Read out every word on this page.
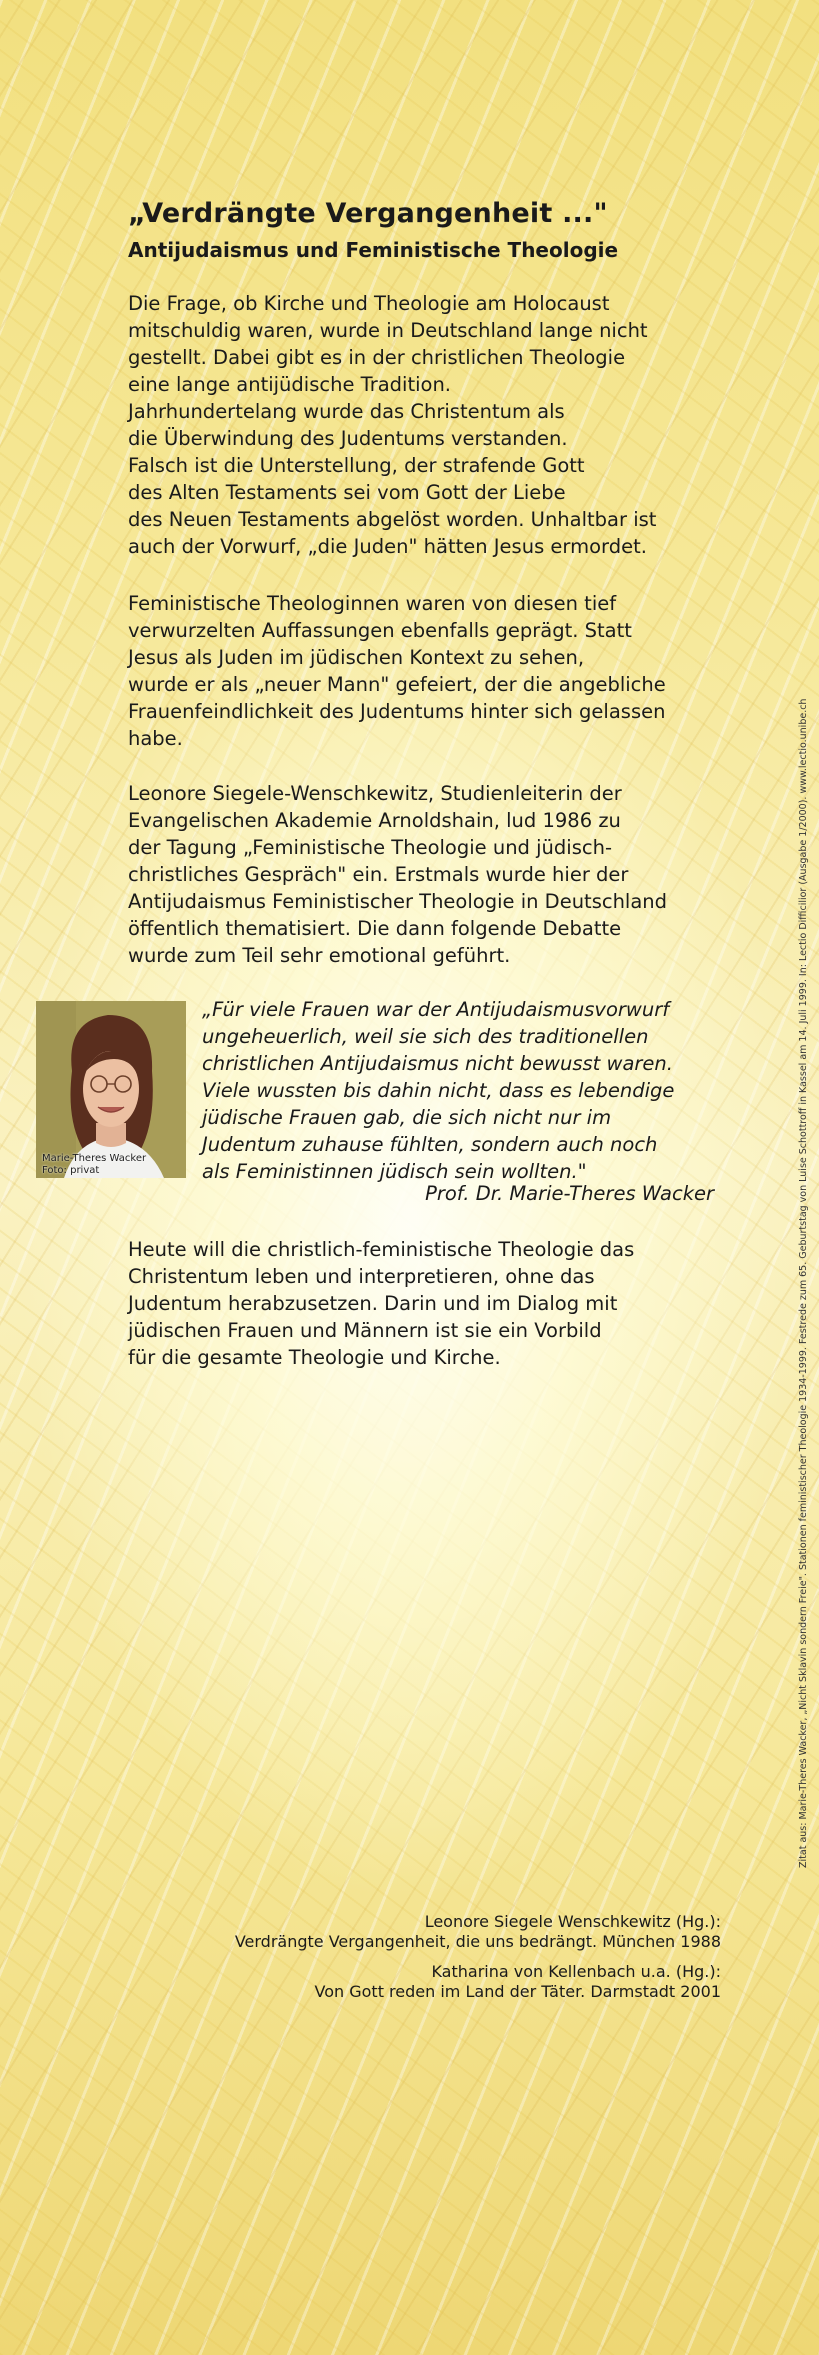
„Verdrängte Vergangenheit ..."
Antijudaismus und Feministische Theologie

Die Frage, ob Kirche und Theologie am Holocaust
mitschuldig waren, wurde in Deutschland lange nicht
gestellt. Dabei gibt es in der christlichen Theologie
eine lange antijüdische Tradition.
Jahrhundertelang wurde das Christentum als
die Überwindung des Judentums verstanden.
Falsch ist die Unterstellung, der strafende Gott
des Alten Testaments sei vom Gott der Liebe
des Neuen Testaments abgelöst worden. Unhaltbar ist
auch der Vorwurf, „die Juden" hätten Jesus ermordet.

Feministische Theologinnen waren von diesen tief
verwurzelten Auffassungen ebenfalls geprägt. Statt
Jesus als Juden im jüdischen Kontext zu sehen,
wurde er als „neuer Mann" gefeiert, der die angebliche
Frauenfeindlichkeit des Judentums hinter sich gelassen
habe.

Leonore Siegele-Wenschkewitz, Studienleiterin der
Evangelischen Akademie Arnoldshain, lud 1986 zu
der Tagung „Feministische Theologie und jüdisch-
christliches Gespräch" ein. Erstmals wurde hier der
Antijudaismus Feministischer Theologie in Deutschland
öffentlich thematisiert. Die dann folgende Debatte
wurde zum Teil sehr emotional geführt.

Marie-Theres Wacker
Foto: privat

„Für viele Frauen war der Antijudaismusvorwurf
ungeheuerlich, weil sie sich des traditionellen
christlichen Antijudaismus nicht bewusst waren.
Viele wussten bis dahin nicht, dass es lebendige
jüdische Frauen gab, die sich nicht nur im
Judentum zuhause fühlten, sondern auch noch
als Feministinnen jüdisch sein wollten."

Prof. Dr. Marie-Theres Wacker

Heute will die christlich-feministische Theologie das
Christentum leben und interpretieren, ohne das
Judentum herabzusetzen. Darin und im Dialog mit
jüdischen Frauen und Männern ist sie ein Vorbild
für die gesamte Theologie und Kirche.

Leonore Siegele Wenschkewitz (Hg.):
Verdrängte Vergangenheit, die uns bedrängt. München 1988
Katharina von Kellenbach u.a. (Hg.):
Von Gott reden im Land der Täter. Darmstadt 2001
Zitat aus: Marie-Theres Wacker, „Nicht Sklavin sondern Freie". Stationen feministischer Theologie 1934-1999. Festrede zum 65. Geburtstag von Luise Schottroff in Kassel am 14. Juli 1999. In: Lectio Difficilior (Ausgabe 1/2000). www.lectio.unibe.ch
